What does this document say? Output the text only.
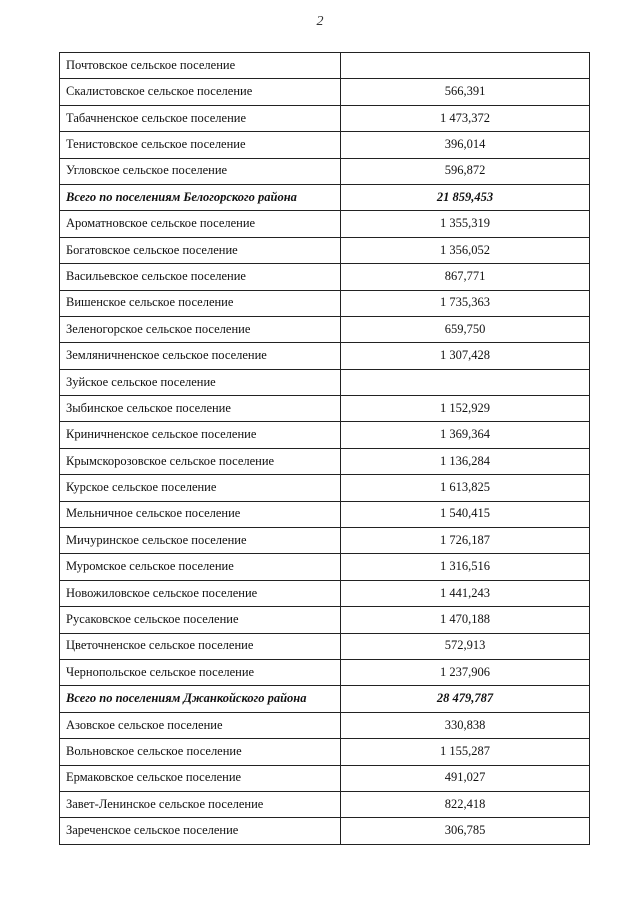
2
Почтовское сельское поселение	
Скалистовское сельское поселение	566,391
Табачненское сельское поселение	1 473,372
Тенистовское сельское поселение	396,014
Угловское сельское поселение	596,872
Всего по поселениям Белогорского района	21 859,453
Ароматновское сельское поселение	1 355,319
Богатовское сельское поселение	1 356,052
Васильевское сельское поселение	867,771
Вишенское сельское поселение	1 735,363
Зеленогорское сельское поселение	659,750
Земляничненское сельское поселение	1 307,428
Зуйское сельское поселение	
Зыбинское сельское поселение	1 152,929
Криничненское сельское поселение	1 369,364
Крымскорозовское сельское поселение	1 136,284
Курское сельское поселение	1 613,825
Мельничное сельское поселение	1 540,415
Мичуринское сельское поселение	1 726,187
Муромское сельское поселение	1 316,516
Новожиловское сельское поселение	1 441,243
Русаковское сельское поселение	1 470,188
Цветочненское сельское поселение	572,913
Чернопольское сельское поселение	1 237,906
Всего по поселениям Джанкойского района	28 479,787
Азовское сельское поселение	330,838
Вольновское сельское поселение	1 155,287
Ермаковское сельское поселение	491,027
Завет-Ленинское сельское поселение	822,418
Зареченское сельское поселение	306,785
